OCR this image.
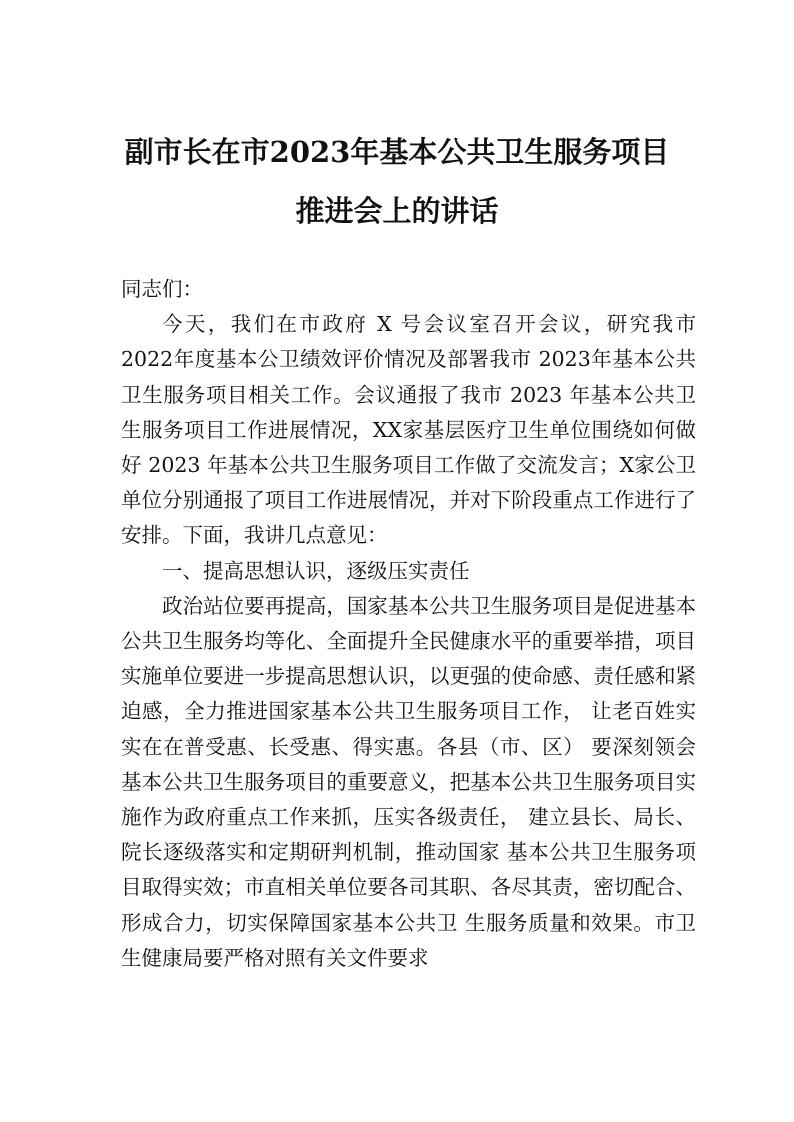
副市长在市2023年基本公共卫生服务项目
推进会上的讲话

同志们：

今天，我们在市政府 X 号会议室召开会议，研究我市 2022年度基本公卫绩效评价情况及部署我市 2023年基本公共卫生服务项目相关工作。会议通报了我市 2023 年基本公共卫生服务项目工作进展情况，XX家基层医疗卫生单位围绕如何做好 2023 年基本公共卫生服务项目工作做了交流发言；X家公卫单位分别通报了项目工作进展情况，并对下阶段重点工作进行了安排。下面，我讲几点意见：

一、提高思想认识，逐级压实责任

政治站位要再提高，国家基本公共卫生服务项目是促进基本公共卫生服务均等化、全面提升全民健康水平的重要举措，项目实施单位要进一步提高思想认识，以更强的使命感、责任感和紧迫感，全力推进国家基本公共卫生服务项目工作， 让老百姓实实在在普受惠、长受惠、得实惠。各县（市、区） 要深刻领会基本公共卫生服务项目的重要意义，把基本公共卫生服务项目实施作为政府重点工作来抓，压实各级责任， 建立县长、局长、院长逐级落实和定期研判机制，推动国家 基本公共卫生服务项目取得实效；市直相关单位要各司其职、各尽其责，密切配合、形成合力，切实保障国家基本公共卫 生服务质量和效果。市卫生健康局要严格对照有关文件要求
